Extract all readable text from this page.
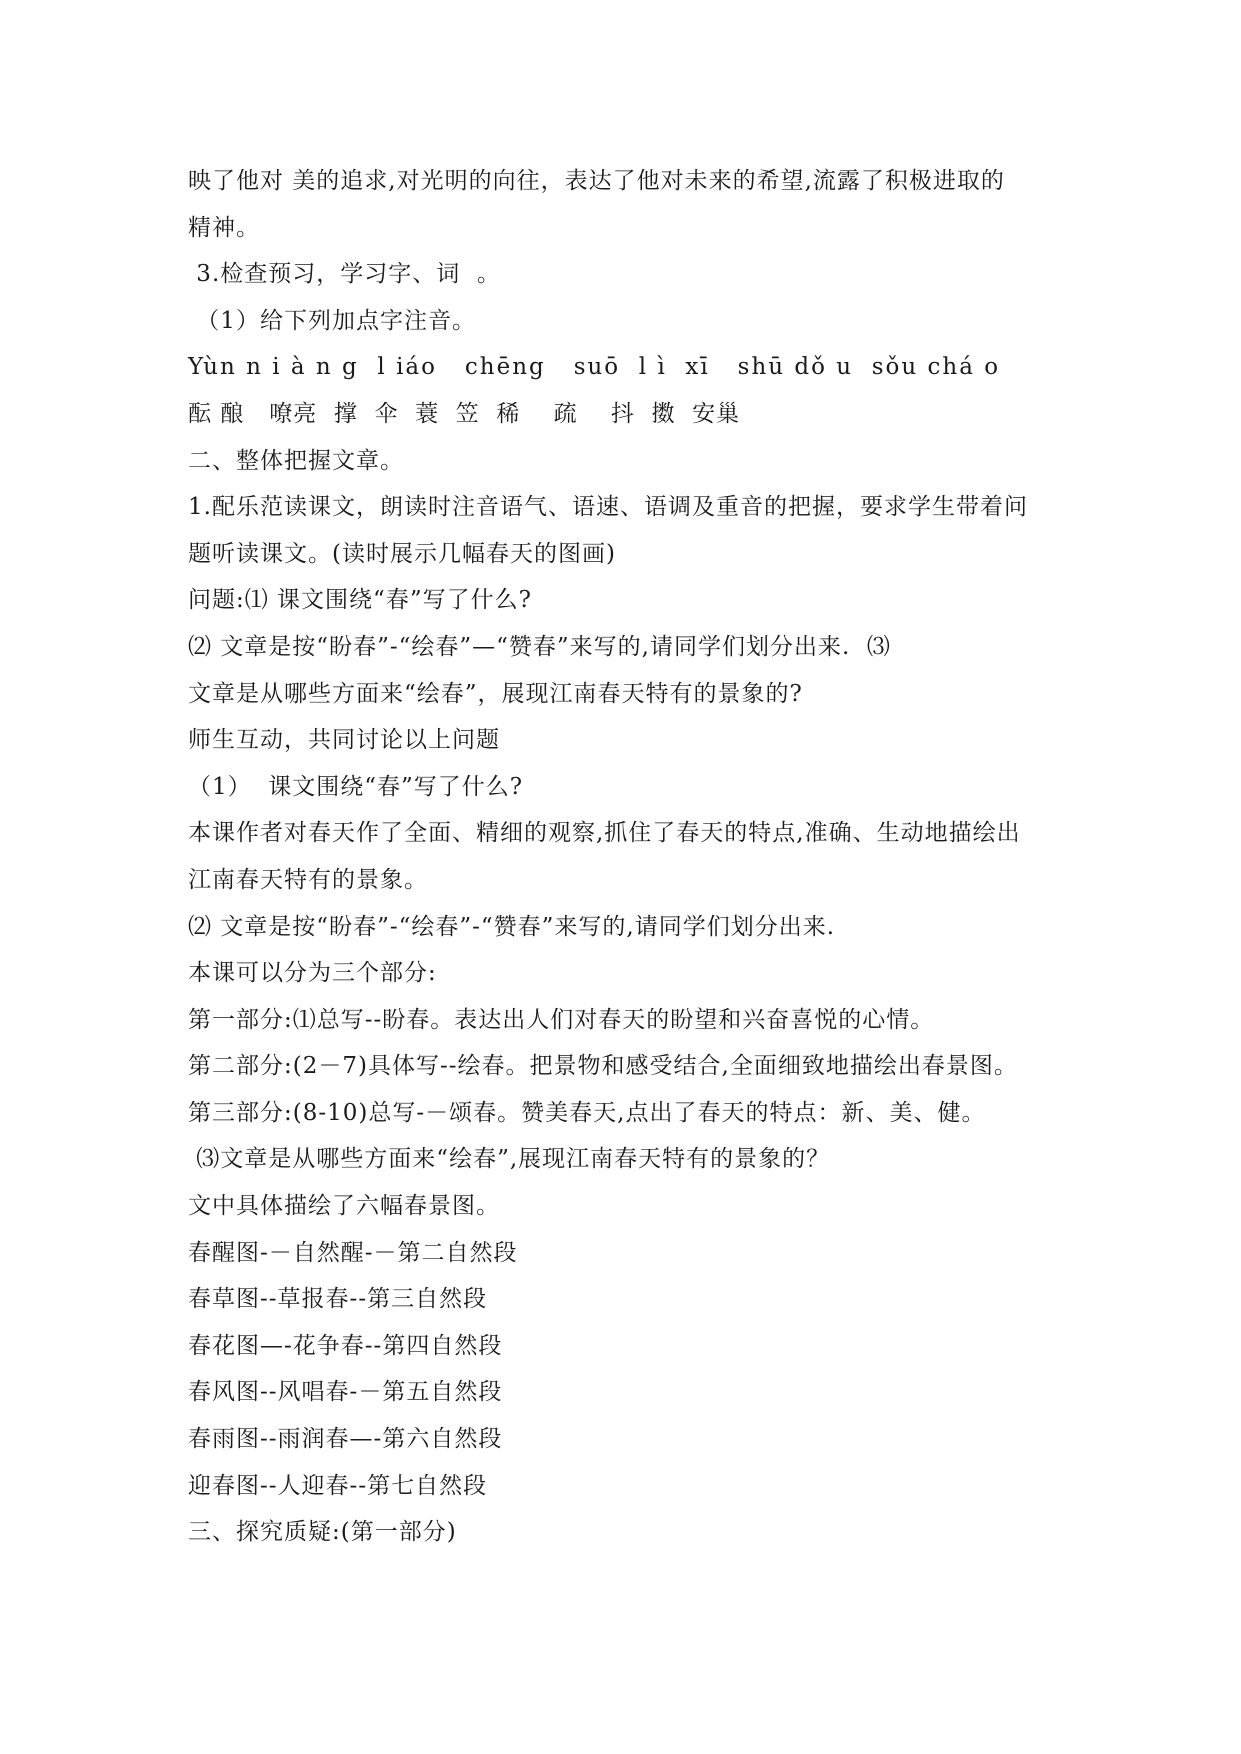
映了他对 美的追求,对光明的向往，表达了他对未来的希望,流露了积极进取的
精神。
3.检查预习，学习字、词  。
（1）给下列加点字注音。
Yùn n i à n g  l iáo   chēng   suō  l ì  xī   shū dǒ u  sǒu chá o
酝 酿   嘹亮  撑  伞  蓑  笠  稀    疏    抖  擞  安巢
二、整体把握文章。
1.配乐范读课文，朗读时注音语气、语速、语调及重音的把握，要求学生带着问
题听读课文。(读时展示几幅春天的图画)
问题:⑴ 课文围绕“春”写了什么?
⑵ 文章是按“盼春”-“绘春”—“赞春”来写的,请同学们划分出来.  ⑶
文章是从哪些方面来“绘春”，展现江南春天特有的景象的?
师生互动，共同讨论以上问题
（1）  课文围绕“春”写了什么?
本课作者对春天作了全面、精细的观察,抓住了春天的特点,准确、生动地描绘出
江南春天特有的景象。
⑵ 文章是按“盼春”-“绘春”-“赞春”来写的,请同学们划分出来.
本课可以分为三个部分:
第一部分:⑴总写--盼春。表达出人们对春天的盼望和兴奋喜悦的心情。
第二部分:(2－7)具体写--绘春。把景物和感受结合,全面细致地描绘出春景图。
第三部分:(8-10)总写-－颂春。赞美春天,点出了春天的特点：新、美、健。
⑶文章是从哪些方面来“绘春”,展现江南春天特有的景象的？
文中具体描绘了六幅春景图。
春醒图-－自然醒-－第二自然段
春草图--草报春--第三自然段
春花图—-花争春--第四自然段
春风图--风唱春-－第五自然段
春雨图--雨润春—-第六自然段
迎春图--人迎春--第七自然段
三、探究质疑:(第一部分)
